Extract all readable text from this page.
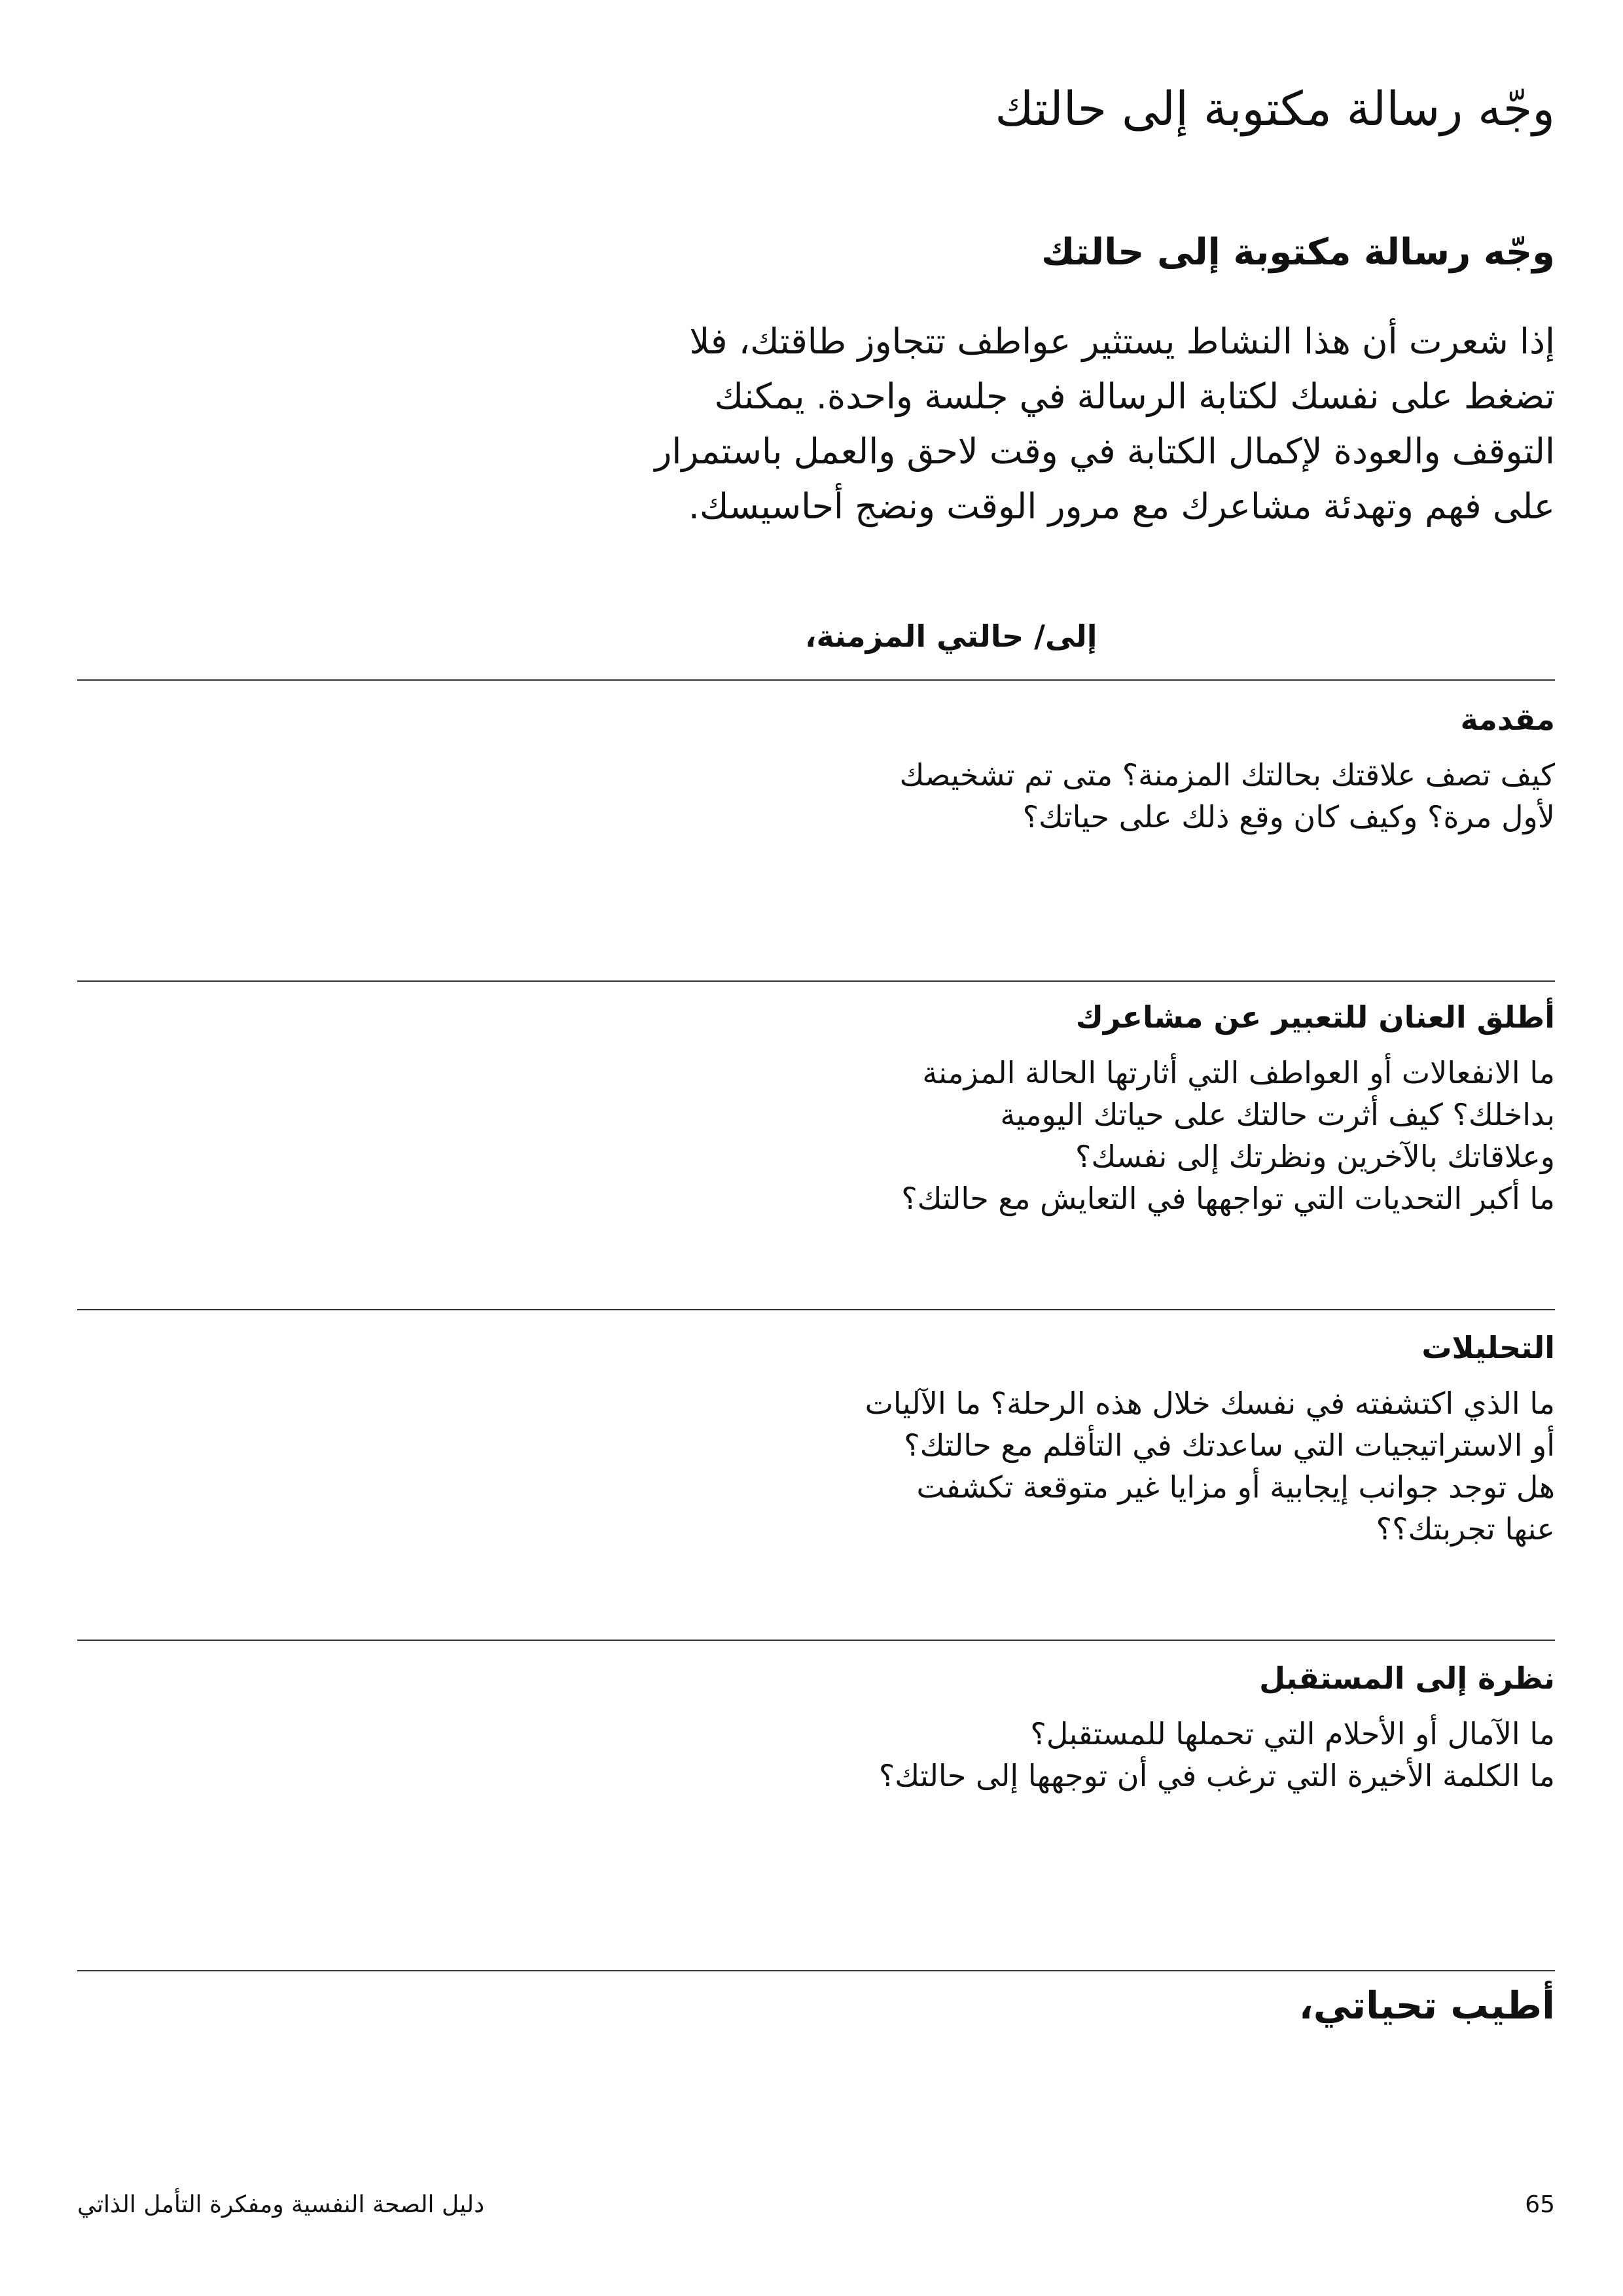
وجّه رسالة مكتوبة إلى حالتك
وجّه رسالة مكتوبة إلى حالتك

إذا شعرت أن هذا النشاط يستثير عواطف تتجاوز طاقتك، فلا

تضغط على نفسك لكتابة الرسالة في جلسة واحدة. يمكنك

التوقف والعودة لإكمال الكتابة في وقت لاحق والعمل باستمرار

على فهم وتهدئة مشاعرك مع مرور الوقت ونضج أحاسيسك.

إلى/ حالتي المزمنة،
مقدمة
كيف تصف علاقتك بحالتك المزمنة؟ متى تم تشخيصك
لأول مرة؟ وكيف كان وقع ذلك على حياتك؟
أطلق العنان للتعبير عن مشاعرك
ما الانفعالات أو العواطف التي أثارتها الحالة المزمنة
بداخلك؟ كيف أثرت حالتك على حياتك اليومية
وعلاقاتك بالآخرين ونظرتك إلى نفسك؟
ما أكبر التحديات التي تواجهها في التعايش مع حالتك؟
التحليلات
ما الذي اكتشفته في نفسك خلال هذه الرحلة؟ ما الآليات
أو الاستراتيجيات التي ساعدتك في التأقلم مع حالتك؟
هل توجد جوانب إيجابية أو مزايا غير متوقعة تكشفت
عنها تجربتك؟؟
نظرة إلى المستقبل
ما الآمال أو الأحلام التي تحملها للمستقبل؟
ما الكلمة الأخيرة التي ترغب في أن توجهها إلى حالتك؟
أطيب تحياتي،
دليل الصحة النفسية ومفكرة التأمل الذاتي	65
